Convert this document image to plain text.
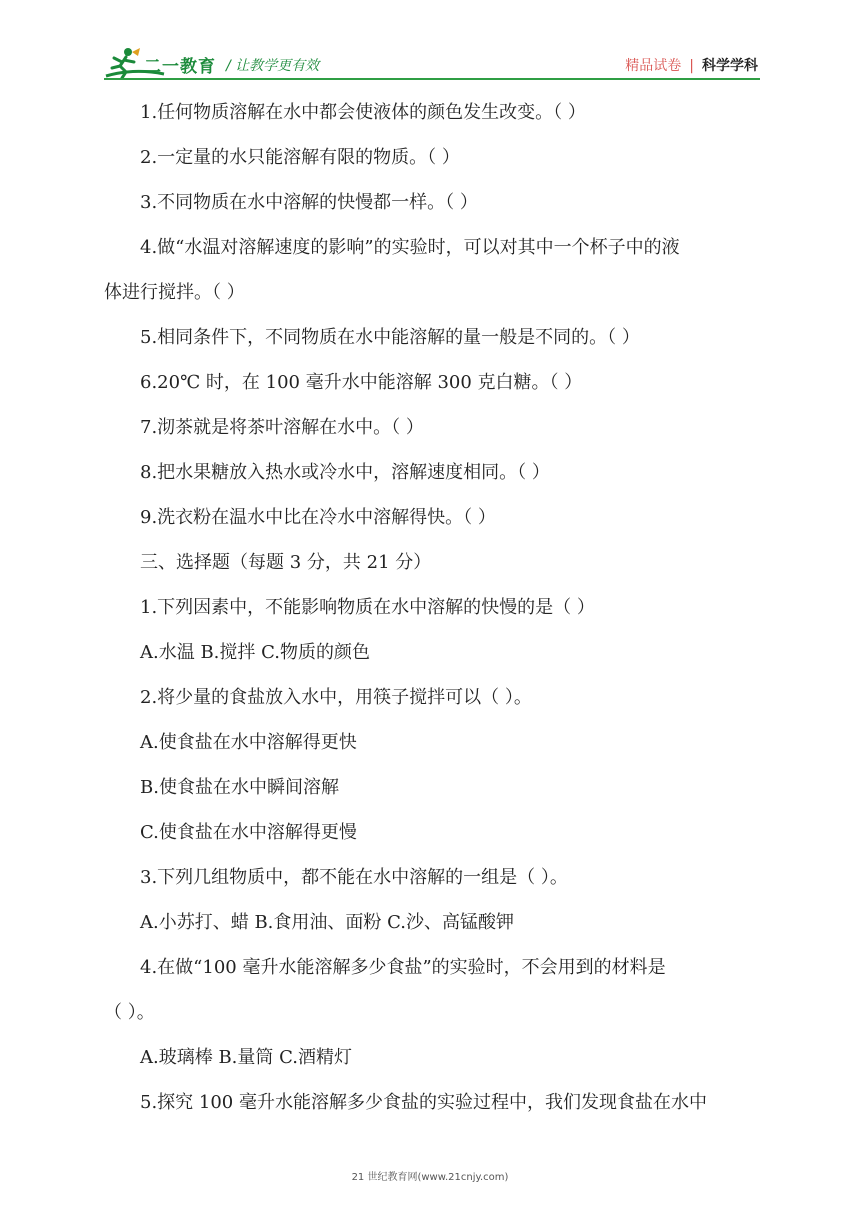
二一教育 / 让教学更有效	精品试卷 | 科学学科
1.任何物质溶解在水中都会使液体的颜色发生改变。（ ）
2.一定量的水只能溶解有限的物质。（ ）
3.不同物质在水中溶解的快慢都一样。（ ）
4.做“水温对溶解速度的影响”的实验时，可以对其中一个杯子中的液
体进行搅拌。（ ）
5.相同条件下，不同物质在水中能溶解的量一般是不同的。（ ）
6.20℃ 时，在 100 毫升水中能溶解 300 克白糖。（ ）
7.沏茶就是将茶叶溶解在水中。（ ）
8.把水果糖放入热水或冷水中，溶解速度相同。（ ）
9.洗衣粉在温水中比在冷水中溶解得快。（ ）
三、选择题（每题 3 分，共 21 分）
1.下列因素中，不能影响物质在水中溶解的快慢的是（ ）
A.水温 B.搅拌 C.物质的颜色
2.将少量的食盐放入水中，用筷子搅拌可以（ ）。
A.使食盐在水中溶解得更快
B.使食盐在水中瞬间溶解
C.使食盐在水中溶解得更慢
3.下列几组物质中，都不能在水中溶解的一组是（ ）。
A.小苏打、蜡 B.食用油、面粉 C.沙、高锰酸钾
4.在做“100 毫升水能溶解多少食盐”的实验时，不会用到的材料是
（ ）。
A.玻璃棒 B.量筒 C.酒精灯
5.探究 100 毫升水能溶解多少食盐的实验过程中，我们发现食盐在水中
21 世纪教育网(www.21cnjy.com)
